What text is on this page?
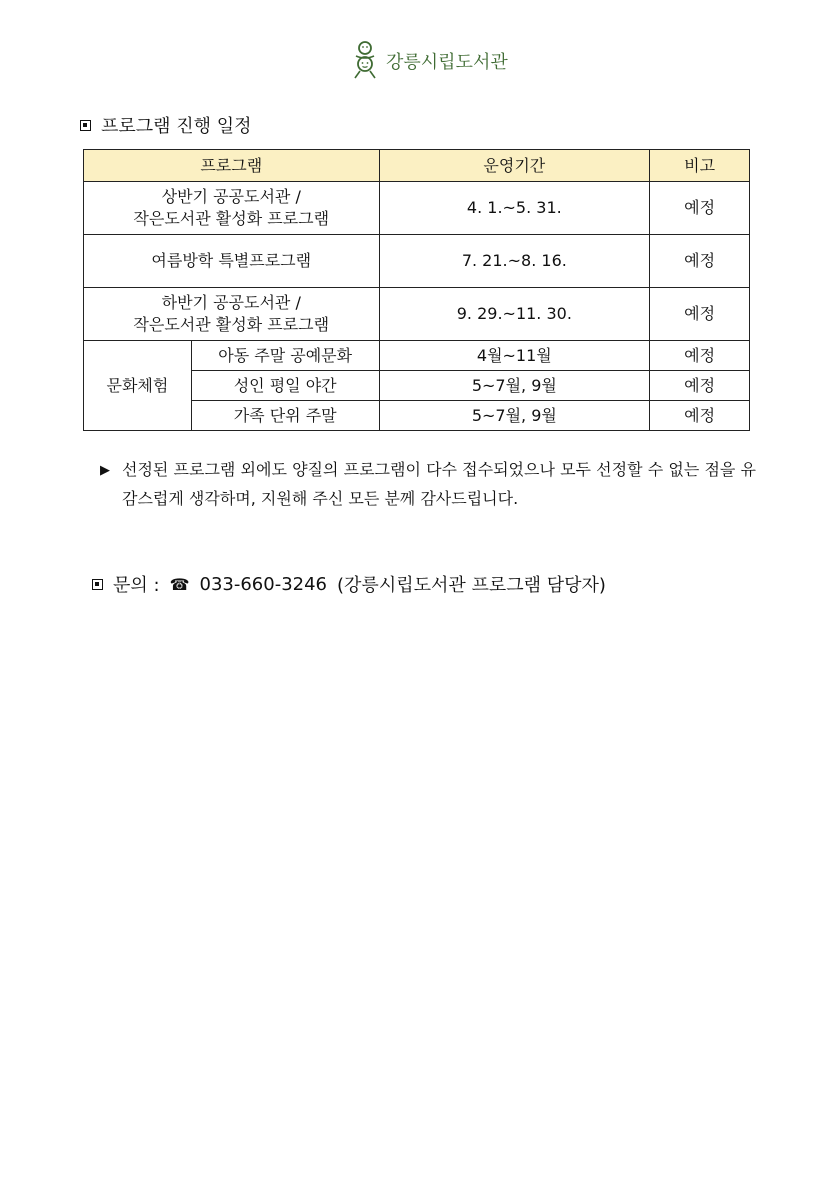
강릉시립도서관
프로그램 진행 일정
프로그램		운영기간	비고

상반기 공공도서관 /
작은도서관 활성화 프로그램		4. 1.~5. 31.	예정
여름방학 특별프로그램		7. 21.~8. 16.	예정

하반기 공공도서관 /
작은도서관 활성화 프로그램		9. 29.~11. 30.	예정
문화체험	아동 주말 공예문화	4월~11월	예정
	성인 평일 야간	5~7월, 9월	예정
	가족 단위 주말	5~7월, 9월	예정
▶ 선정된 프로그램 외에도 양질의 프로그램이 다수 접수되었으나 모두 선정할 수 없는 점을 유감스럽게 생각하며, 지원해 주신 모든 분께 감사드립니다.
문의 : ☎ 033-660-3246 (강릉시립도서관 프로그램 담당자)
